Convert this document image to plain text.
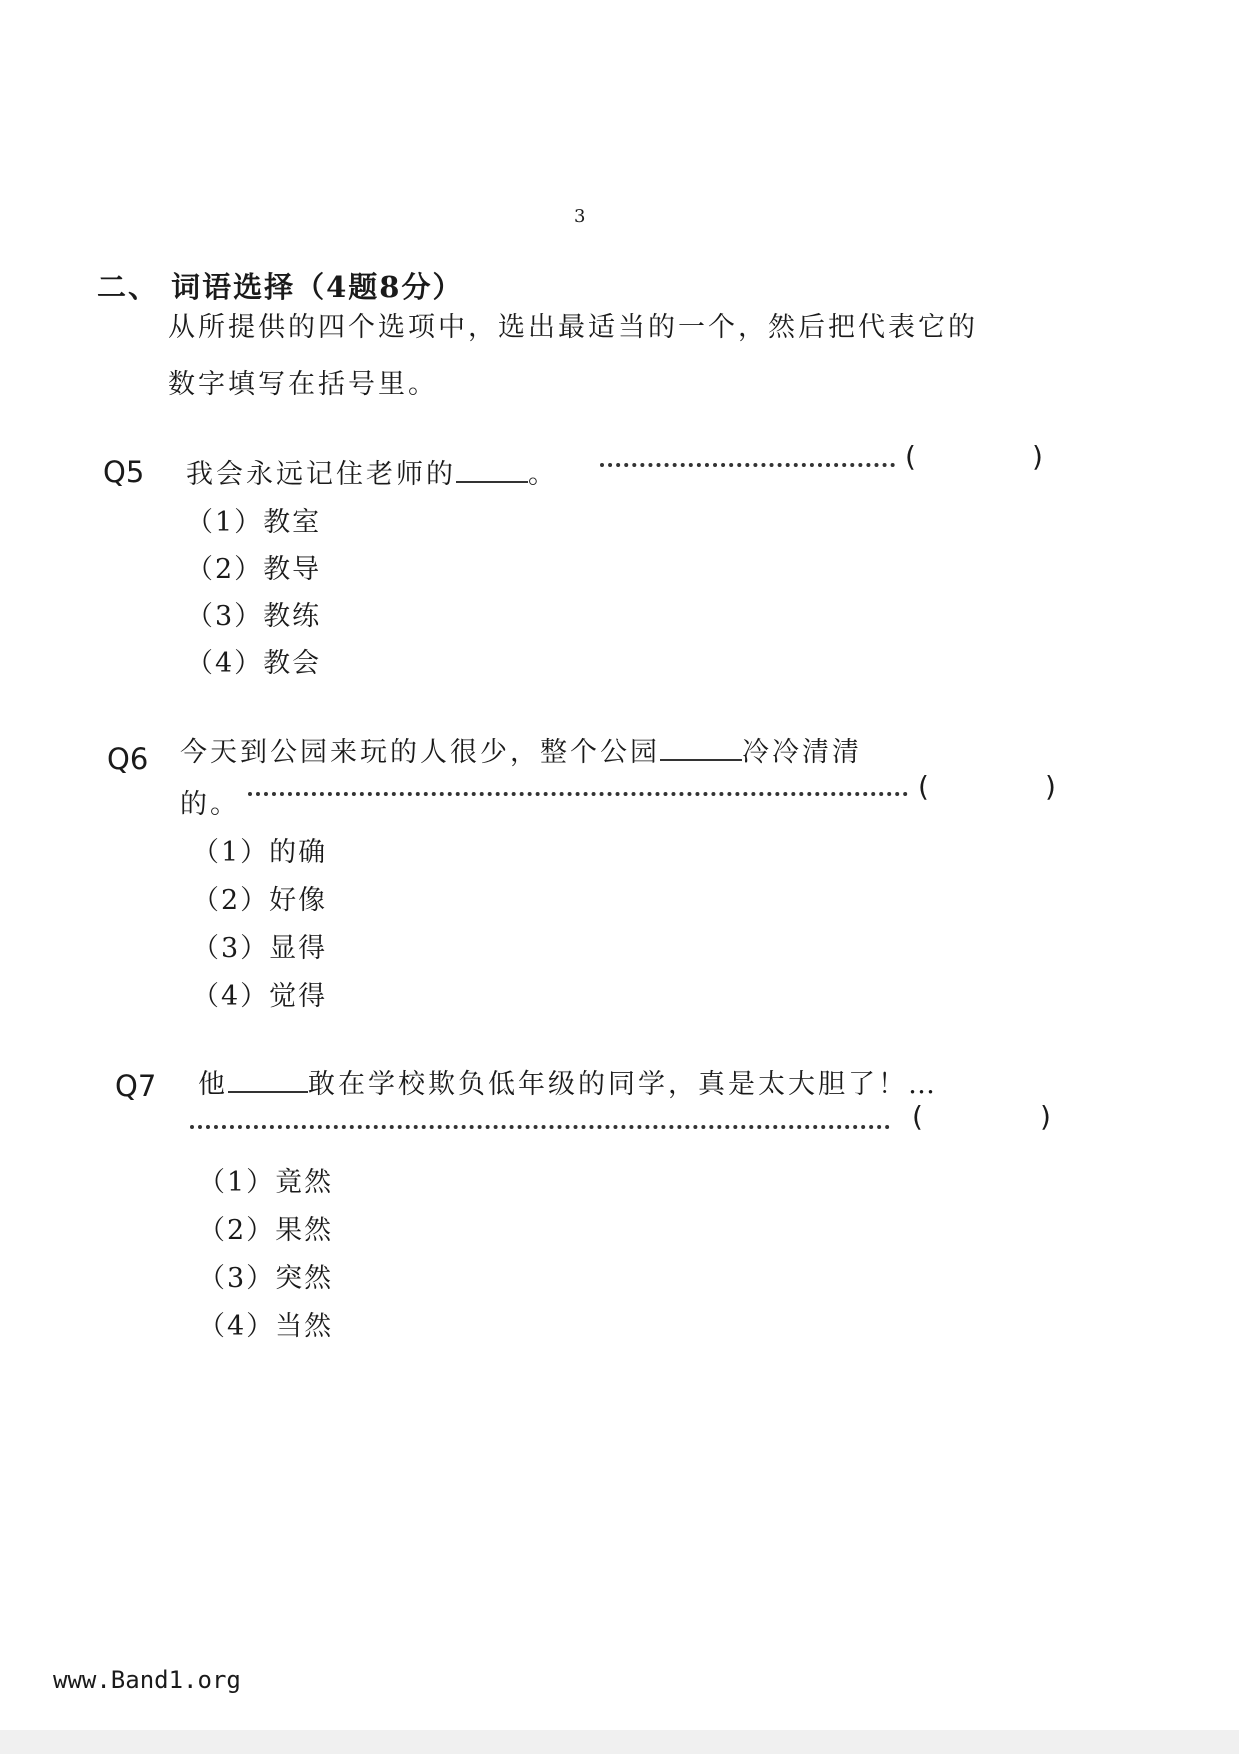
3
二、 词语选择（4题8分）
从所提供的四个选项中，选出最适当的一个，然后把代表它的
数字填写在括号里。
Q5 我会永远记住老师的	。
(	)
（1）教室
（2）教导
（3）教练
（4）教会
Q6 今天到公园来玩的人很少，整个公园	冷冷清清
的。
(	)
（1）的确
（2）好像
（3）显得
（4）觉得
Q7 他	敢在学校欺负低年级的同学，真是太大胆了！…
(	)
（1）竟然
（2）果然
（3）突然
（4）当然
www.Band1.org
